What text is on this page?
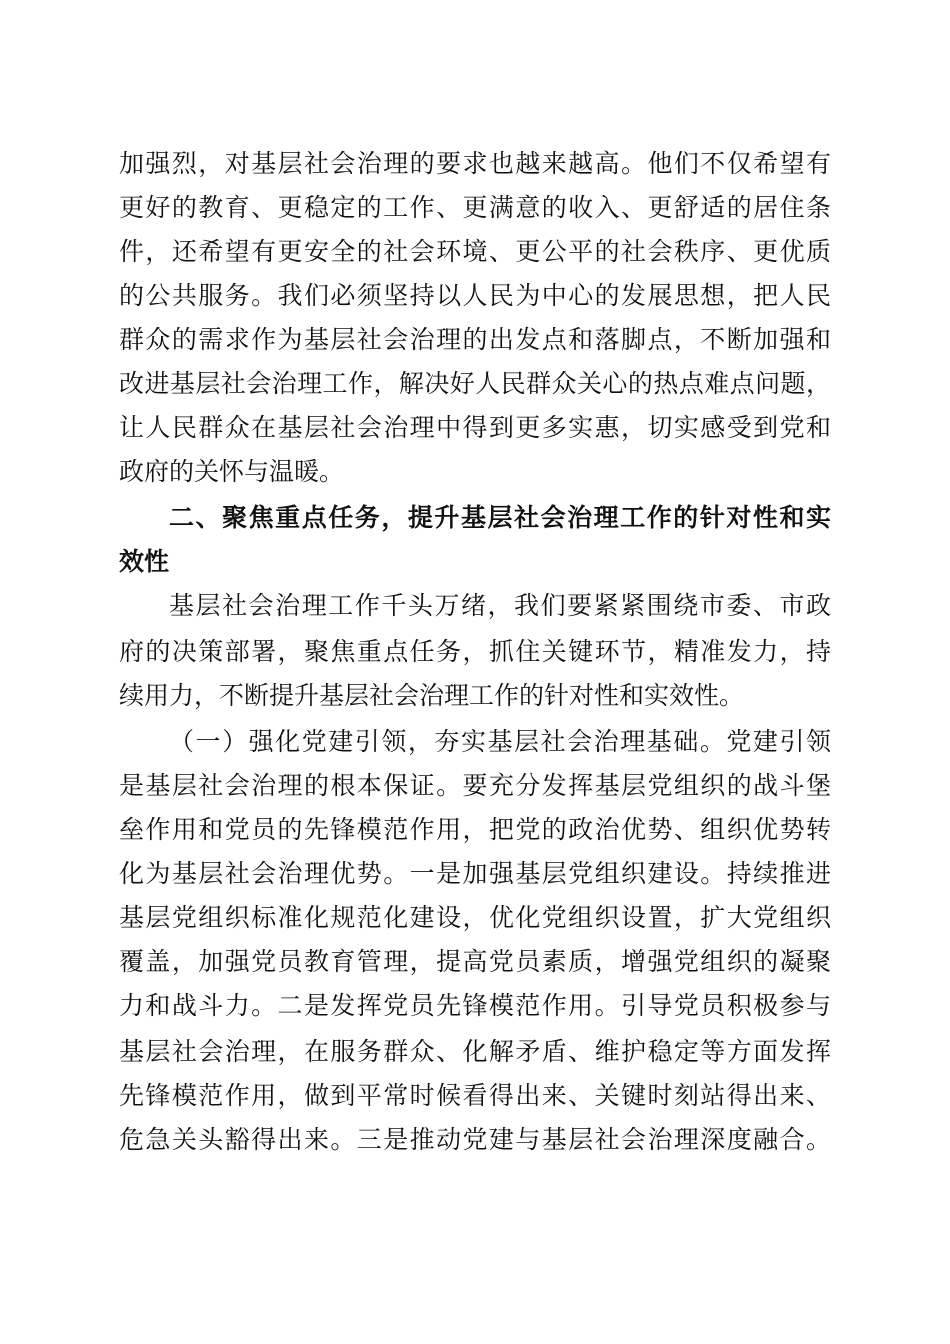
加强烈，对基层社会治理的要求也越来越高。他们不仅希望有
更好的教育、更稳定的工作、更满意的收入、更舒适的居住条
件，还希望有更安全的社会环境、更公平的社会秩序、更优质
的公共服务。我们必须坚持以人民为中心的发展思想，把人民
群众的需求作为基层社会治理的出发点和落脚点，不断加强和
改进基层社会治理工作，解决好人民群众关心的热点难点问题，
让人民群众在基层社会治理中得到更多实惠，切实感受到党和
政府的关怀与温暖。
二、聚焦重点任务，提升基层社会治理工作的针对性和实
效性
基层社会治理工作千头万绪，我们要紧紧围绕市委、市政
府的决策部署，聚焦重点任务，抓住关键环节，精准发力，持
续用力，不断提升基层社会治理工作的针对性和实效性。
（一）强化党建引领，夯实基层社会治理基础。党建引领
是基层社会治理的根本保证。要充分发挥基层党组织的战斗堡
垒作用和党员的先锋模范作用，把党的政治优势、组织优势转
化为基层社会治理优势。一是加强基层党组织建设。持续推进
基层党组织标准化规范化建设，优化党组织设置，扩大党组织
覆盖，加强党员教育管理，提高党员素质，增强党组织的凝聚
力和战斗力。二是发挥党员先锋模范作用。引导党员积极参与
基层社会治理，在服务群众、化解矛盾、维护稳定等方面发挥
先锋模范作用，做到平常时候看得出来、关键时刻站得出来、
危急关头豁得出来。三是推动党建与基层社会治理深度融合。
